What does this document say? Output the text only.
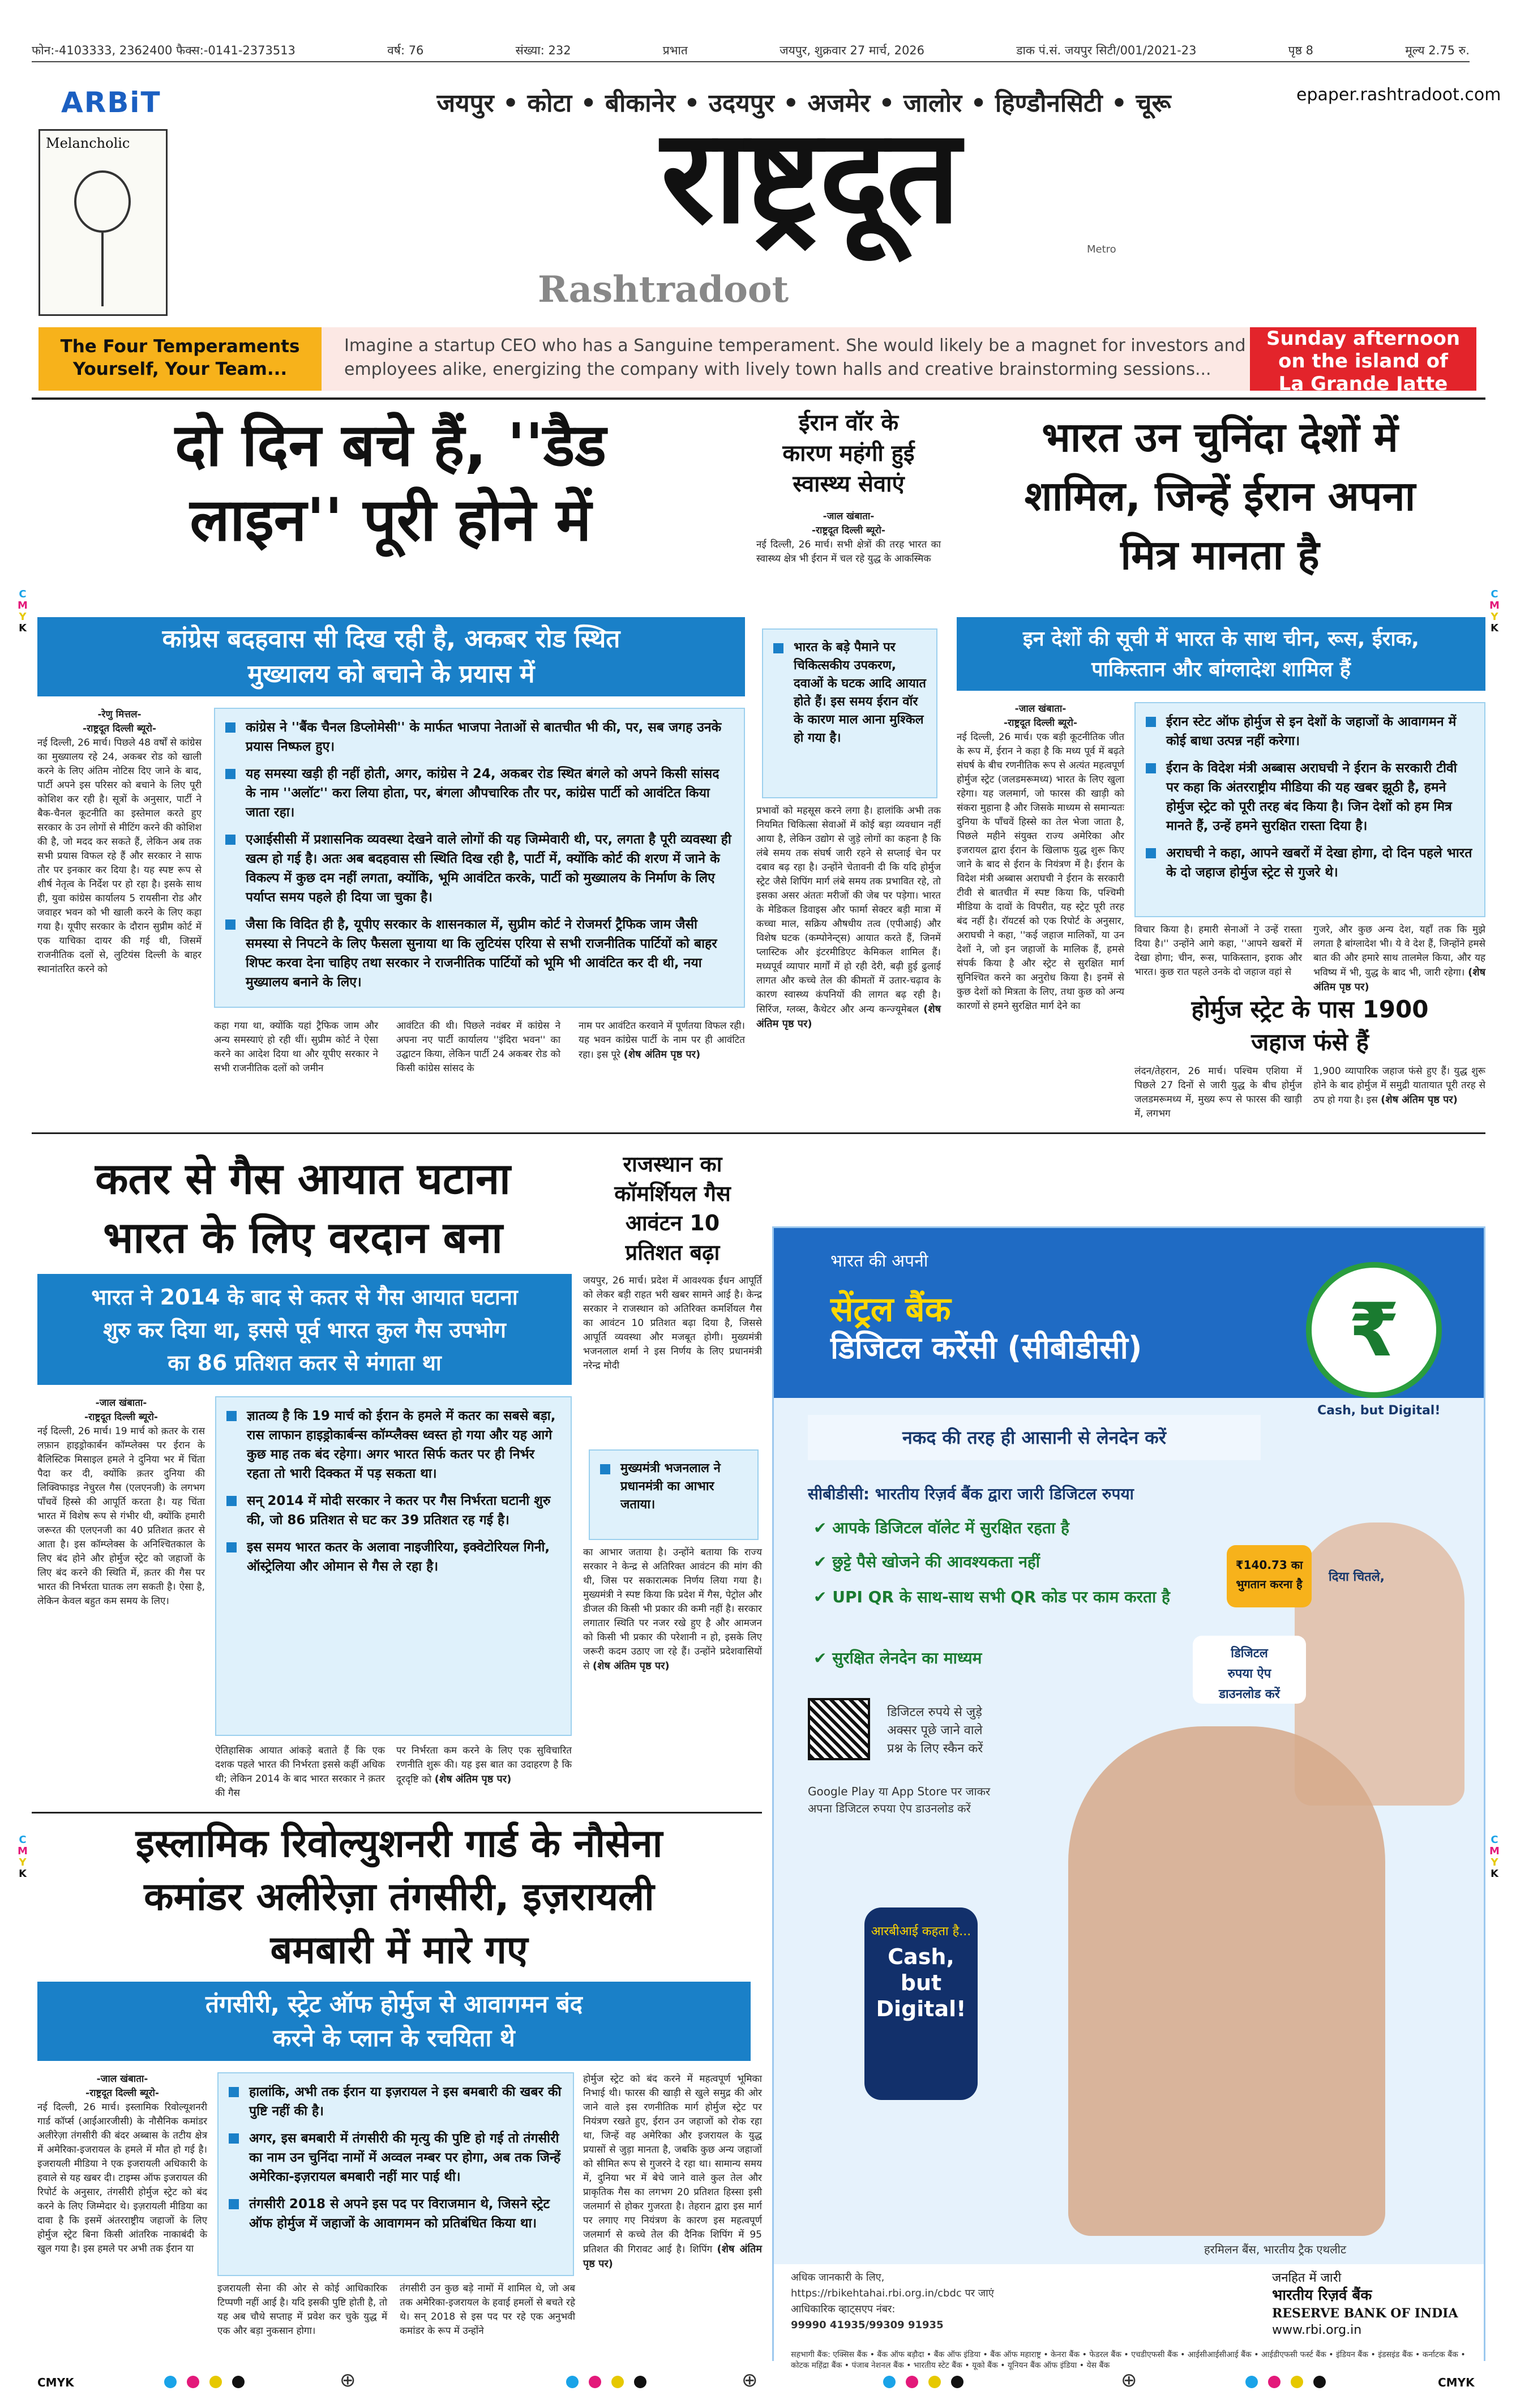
फोन:-4103333, 2362400 फैक्स:-0141-2373513	वर्ष: 76	संख्या: 232	प्रभात	जयपुर, शुक्रवार 27 मार्च, 2026	डाक पं.सं. जयपुर सिटी/001/2021-23	पृष्ठ 8	मूल्य 2.75 रु.
ARBiT
Melancholic
जयपुर • कोटा • बीकानेर • उदयपुर • अजमेर • जालोर • हिण्डौनसिटी • चूरू
राष्ट्रदूत	Metro
Rashtradoot
epaper.rashtradoot.com
The Four Temperaments
Yourself, Your Team...
Imagine a startup CEO who has a Sanguine temperament. She would likely be a magnet for investors and employees alike, energizing the company with lively town halls and creative brainstorming sessions...
Sunday afternoon
on the island of
La Grande Jatte
C
M
Y
K
C
M
Y
K
C
M
Y
K
C
M
Y
K
दो दिन बचे हैं, ''डैड
लाइन'' पूरी होने में
कांग्रेस बदहवास सी दिख रही है, अकबर रोड स्थित
मुख्यालय को बचाने के प्रयास में
-रेणु मित्तल-
-राष्ट्रदूत दिल्ली ब्यूरो-
नई दिल्ली, 26 मार्च। पिछले 48 वर्षों से कांग्रेस का मुख्यालय रहे 24, अकबर रोड को खाली करने के लिए अंतिम नोटिस दिए जाने के बाद, पार्टी अपने इस परिसर को बचाने के लिए पूरी कोशिश कर रही है। सूत्रों के अनुसार, पार्टी ने बैक-चैनल कूटनीति का इस्तेमाल करते हुए सरकार के उन लोगों से मीटिंग करने की कोशिश की है, जो मदद कर सकते हैं, लेकिन अब तक सभी प्रयास विफल रहे हैं और सरकार ने साफ तौर पर इनकार कर दिया है। यह स्पष्ट रूप से शीर्ष नेतृत्व के निर्देश पर हो रहा है। इसके साथ ही, युवा कांग्रेस कार्यालय 5 रायसीना रोड और जवाहर भवन को भी खाली करने के लिए कहा गया है। यूपीए सरकार के दौरान सुप्रीम कोर्ट में एक याचिका दायर की गई थी, जिसमें राजनीतिक दलों से, लुटियंस दिल्ली के बाहर स्थानांतरित करने को
कांग्रेस ने ''बैंक चैनल डिप्लोमेसी'' के मार्फत भाजपा नेताओं से बातचीत भी की, पर, सब जगह उनके प्रयास निष्फल हुए।
यह समस्या खड़ी ही नहीं होती, अगर, कांग्रेस ने 24, अकबर रोड स्थित बंगले को अपने किसी सांसद के नाम ''अलॉट'' करा लिया होता, पर, बंगला औपचारिक तौर पर, कांग्रेस पार्टी को आवंटित किया जाता रहा।
एआईसीसी में प्रशासनिक व्यवस्था देखने वाले लोगों की यह जिम्मेवारी थी, पर, लगता है पूरी व्यवस्था ही खत्म हो गई है। अतः अब बदहवास सी स्थिति दिख रही है, पार्टी में, क्योंकि कोर्ट की शरण में जाने के विकल्प में कुछ दम नहीं लगता, क्योंकि, भूमि आवंटित करके, पार्टी को मुख्यालय के निर्माण के लिए पर्याप्त समय पहले ही दिया जा चुका है।
जैसा कि विदित ही है, यूपीए सरकार के शासनकाल में, सुप्रीम कोर्ट ने रोजमर्रा ट्रैफिक जाम जैसी समस्या से निपटने के लिए फैसला सुनाया था कि लुटियंस एरिया से सभी राजनीतिक पार्टियों को बाहर शिफ्ट करवा देना चाहिए तथा सरकार ने राजनीतिक पार्टियों को भूमि भी आवंटित कर दी थी, नया मुख्यालय बनाने के लिए।
कहा गया था, क्योंकि यहां ट्रैफिक जाम और अन्य समस्याएं हो रही थीं। सुप्रीम कोर्ट ने ऐसा करने का आदेश दिया था और यूपीए सरकार ने सभी राजनीतिक दलों को जमीन
आवंटित की थी। पिछले नवंबर में कांग्रेस ने अपना नए पार्टी कार्यालय ''इंदिरा भवन'' का उद्घाटन किया, लेकिन पार्टी 24 अकबर रोड को किसी कांग्रेस सांसद के
नाम पर आवंटित करवाने में पूर्णतया विफल रही। यह भवन कांग्रेस पार्टी के नाम पर ही आवंटित रहा। इस पूरे (शेष अंतिम पृष्ठ पर)
ईरान वॉर के
कारण महंगी हुई
स्वास्थ्य सेवाएं
-जाल खंबाता-
-राष्ट्रदूत दिल्ली ब्यूरो-
नई दिल्ली, 26 मार्च। सभी क्षेत्रों की तरह भारत का स्वास्थ्य क्षेत्र भी ईरान में चल रहे युद्ध के आकस्मिक
भारत के बड़े पैमाने पर चिकित्सकीय उपकरण, दवाओं के घटक आदि आयात होते हैं। इस समय ईरान वॉर के कारण माल आना मुश्किल हो गया है।
प्रभावों को महसूस करने लगा है। हालांकि अभी तक नियमित चिकित्सा सेवाओं में कोई बड़ा व्यवधान नहीं आया है, लेकिन उद्योग से जुड़े लोगों का कहना है कि लंबे समय तक संघर्ष जारी रहने से सप्लाई चेन पर दबाव बढ़ रहा है। उन्होंने चेतावनी दी कि यदि होर्मुज स्ट्रेट जैसे शिपिंग मार्ग लंबे समय तक प्रभावित रहे, तो इसका असर अंततः मरीजों की जेब पर पड़ेगा। भारत के मेडिकल डिवाइस और फार्मा सेक्टर बड़ी मात्रा में कच्चा माल, सक्रिय औषधीय तत्व (एपीआई) और विशेष घटक (कम्पोनेन्ट्स) आयात करते हैं, जिनमें प्लास्टिक और इंटरमीडिएट केमिकल शामिल हैं। मध्यपूर्व व्यापार मार्गों में हो रही देरी, बढ़ी हुई ढुलाई लागत और कच्चे तेल की कीमतों में उतार-चढ़ाव के कारण स्वास्थ्य कंपनियों की लागत बढ़ रही है। सिरिंज, ग्लव्स, कैथेटर और अन्य कन्ज्यूमेबल (शेष अंतिम पृष्ठ पर)
भारत उन चुनिंदा देशों में
शामिल, जिन्हें ईरान अपना
मित्र मानता है
इन देशों की सूची में भारत के साथ चीन, रूस, ईराक,
पाकिस्तान और बांग्लादेश शामिल हैं
-जाल खंबाता-
-राष्ट्रदूत दिल्ली ब्यूरो-
नई दिल्ली, 26 मार्च। एक बड़ी कूटनीतिक जीत के रूप में, ईरान ने कहा है कि मध्य पूर्व में बढ़ते संघर्ष के बीच रणनीतिक रूप से अत्यंत महत्वपूर्ण होर्मुज स्ट्रेट (जलडमरूमध्य) भारत के लिए खुला रहेगा। यह जलमार्ग, जो फारस की खाड़ी को संकरा मुहाना है और जिसके माध्यम से समान्यतः दुनिया के पाँचवें हिस्से का तेल भेजा जाता है, पिछले महीने संयुक्त राज्य अमेरिका और इजरायल द्वारा ईरान के खिलाफ युद्ध शुरू किए जाने के बाद से ईरान के नियंत्रण में है। ईरान के विदेश मंत्री अब्बास अराघची ने ईरान के सरकारी टीवी से बातचीत में स्पष्ट किया कि, पश्चिमी मीडिया के दावों के विपरीत, यह स्ट्रेट पूरी तरह बंद नहीं है। रॉयटर्स को एक रिपोर्ट के अनुसार, अराघची ने कहा, ''कई जहाज मालिकों, या उन देशों ने, जो इन जहाजों के मालिक हैं, हमसे संपर्क किया है और स्ट्रेट से सुरक्षित मार्ग सुनिश्चित करने का अनुरोध किया है। इनमें से कुछ देशों को मित्रता के लिए, तथा कुछ को अन्य कारणों से हमने सुरक्षित मार्ग देने का
ईरान स्टेट ऑफ होर्मुज से इन देशों के जहाजों के आवागमन में कोई बाधा उत्पन्न नहीं करेगा।
ईरान के विदेश मंत्री अब्बास अराघची ने ईरान के सरकारी टीवी पर कहा कि अंतरराष्ट्रीय मीडिया की यह खबर झूठी है, हमने होर्मुज स्ट्रेट को पूरी तरह बंद किया है। जिन देशों को हम मित्र मानते हैं, उन्हें हमने सुरक्षित रास्ता दिया है।
अराघची ने कहा, आपने खबरों में देखा होगा, दो दिन पहले भारत के दो जहाज होर्मुज स्ट्रेट से गुजरे थे।
विचार किया है। हमारी सेनाओं ने उन्हें रास्ता दिया है।'' उन्होंने आगे कहा, ''आपने खबरों में देखा होगा; चीन, रूस, पाकिस्तान, इराक और भारत। कुछ रात पहले उनके दो जहाज वहां से
गुजरे, और कुछ अन्य देश, यहाँ तक कि मुझे लगता है बांग्लादेश भी। ये वे देश हैं, जिन्होंने हमसे बात की और हमारे साथ तालमेल किया, और यह भविष्य में भी, युद्ध के बाद भी, जारी रहेगा। (शेष अंतिम पृष्ठ पर)
होर्मुज स्ट्रेट के पास 1900
जहाज फंसे हैं
लंदन/तेहरान, 26 मार्च। पश्चिम एशिया में पिछले 27 दिनों से जारी युद्ध के बीच होर्मुज जलडमरूमध्य में, मुख्य रूप से फारस की खाड़ी में, लगभग
1,900 व्यापारिक जहाज फंसे हुए हैं। युद्ध शुरू होने के बाद होर्मुज में समुद्री यातायात पूरी तरह से ठप हो गया है। इस (शेष अंतिम पृष्ठ पर)
कतर से गैस आयात घटाना
भारत के लिए वरदान बना
भारत ने 2014 के बाद से कतर से गैस आयात घटाना
शुरु कर दिया था, इससे पूर्व भारत कुल गैस उपभोग
का 86 प्रतिशत कतर से मंगाता था
-जाल खंबाता-
-राष्ट्रदूत दिल्ली ब्यूरो-
नई दिल्ली, 26 मार्च। 19 मार्च को क़तर के रास लफ़ान हाइड्रोकार्बन कॉम्प्लेक्स पर ईरान के बैलिस्टिक मिसाइल हमले ने दुनिया भर में चिंता पैदा कर दी, क्योंकि क़तर दुनिया की लिक्विफाइड नेचुरल गैस (एलएनजी) के लगभग पाँचवें हिस्से की आपूर्ति करता है। यह चिंता भारत में विशेष रूप से गंभीर थी, क्योंकि हमारी जरूरत की एलएनजी का 40 प्रतिशत क़तर से आता है। इस कॉम्प्लेक्स के अनिश्चितकाल के लिए बंद होने और होर्मुज स्ट्रेट को जहाजों के लिए बंद करने की स्थिति में, क़तर की गैस पर भारत की निर्भरता घातक लग सकती है। ऐसा है, लेकिन केवल बहुत कम समय के लिए।
ज्ञातव्य है कि 19 मार्च को ईरान के हमले में कतर का सबसे बड़ा, रास लाफान हाइड्रोकार्बन्स कॉम्प्लैक्स ध्वस्त हो गया और यह आगे कुछ माह तक बंद रहेगा। अगर भारत सिर्फ कतर पर ही निर्भर रहता तो भारी दिक्कत में पड़ सकता था।
सन् 2014 में मोदी सरकार ने कतर पर गैस निर्भरता घटानी शुरु की, जो 86 प्रतिशत से घट कर 39 प्रतिशत रह गई है।
इस समय भारत कतर के अलावा नाइजीरिया, इक्वेटोरियल गिनी, ऑस्ट्रेलिया और ओमान से गैस ले रहा है।
ऐतिहासिक आयात आंकड़े बताते हैं कि एक दशक पहले भारत की निर्भरता इससे कहीं अधिक थी; लेकिन 2014 के बाद भारत सरकार ने क़तर की गैस
पर निर्भरता कम करने के लिए एक सुविचारित रणनीति शुरू की। यह इस बात का उदाहरण है कि दूरदृष्टि को (शेष अंतिम पृष्ठ पर)
राजस्थान का
कॉमर्शियल गैस
आवंटन 10
प्रतिशत बढ़ा
जयपुर, 26 मार्च। प्रदेश में आवश्यक ईंधन आपूर्ति को लेकर बड़ी राहत भरी खबर सामने आई है। केन्द्र सरकार ने राजस्थान को अतिरिक्त कमर्शियल गैस का आवंटन 10 प्रतिशत बढ़ा दिया है, जिससे आपूर्ति व्यवस्था और मजबूत होगी। मुख्यमंत्री भजनलाल शर्मा ने इस निर्णय के लिए प्रधानमंत्री नरेन्द्र मोदी
मुख्यमंत्री भजनलाल ने प्रधानमंत्री का आभार जताया।
का आभार जताया है। उन्होंने बताया कि राज्य सरकार ने केन्द्र से अतिरिक्त आवंटन की मांग की थी, जिस पर सकारात्मक निर्णय लिया गया है। मुख्यमंत्री ने स्पष्ट किया कि प्रदेश में गैस, पेट्रोल और डीजल की किसी भी प्रकार की कमी नहीं है। सरकार लगातार स्थिति पर नजर रखे हुए है और आमजन को किसी भी प्रकार की परेशानी न हो, इसके लिए जरूरी कदम उठाए जा रहे हैं। उन्होंने प्रदेशवासियों से (शेष अंतिम पृष्ठ पर)
इस्लामिक रिवोल्युशनरी गार्ड के नौसेना
कमांडर अलीरेज़ा तंगसीरी, इज़रायली
बमबारी में मारे गए
तंगसीरी, स्ट्रेट ऑफ होर्मुज से आवागमन बंद
करने के प्लान के रचयिता थे
-जाल खंबाता-
-राष्ट्रदूत दिल्ली ब्यूरो-
नई दिल्ली, 26 मार्च। इस्लामिक रिवोल्यूशनरी गार्ड कॉर्प्स (आईआरजीसी) के नौसैनिक कमांडर अलीरेज़ा तंगसीरी की बंदर अब्बास के तटीय क्षेत्र में अमेरिका-इजरायल के हमले में मौत हो गई है। इजरायली मीडिया ने एक इजरायली अधिकारी के हवाले से यह खबर दी। टाइम्स ऑफ इजरायल की रिपोर्ट के अनुसार, तंगसीरी होर्मुज स्ट्रेट को बंद करने के लिए जिम्मेदार थे। इज़रायली मीडिया का दावा है कि इसमें अंतरराष्ट्रीय जहाजों के लिए होर्मुज स्ट्रेट बिना किसी आंतरिक नाकाबंदी के खुल गया है। इस हमले पर अभी तक ईरान या
हालांकि, अभी तक ईरान या इज़रायल ने इस बमबारी की खबर की पुष्टि नहीं की है।
अगर, इस बमबारी में तंगसीरी की मृत्यु की पुष्टि हो गई तो तंगसीरी का नाम उन चुनिंदा नामों में अव्वल नम्बर पर होगा, अब तक जिन्हें अमेरिका-इज़रायल बमबारी नहीं मार पाई थी।
तंगसीरी 2018 से अपने इस पद पर विराजमान थे, जिसने स्ट्रेट ऑफ होर्मुज में जहाजों के आवागमन को प्रतिबंधित किया था।
इजरायली सेना की ओर से कोई आधिकारिक टिप्पणी नहीं आई है। यदि इसकी पुष्टि होती है, तो यह अब चौथे सप्ताह में प्रवेश कर चुके युद्ध में एक और बड़ा नुकसान होगा।
तंगसीरी उन कुछ बड़े नामों में शामिल थे, जो अब तक अमेरिका-इजरायल के हवाई हमलों से बचते रहे थे। सन् 2018 से इस पद पर रहे एक अनुभवी कमांडर के रूप में उन्होंने
होर्मुज स्ट्रेट को बंद करने में महत्वपूर्ण भूमिका निभाई थी। फारस की खाड़ी से खुले समुद्र की ओर जाने वाले इस रणनीतिक मार्ग होर्मुज स्ट्रेट पर नियंत्रण रखते हुए, ईरान उन जहाजों को रोक रहा था, जिन्हें वह अमेरिका और इजरायल के युद्ध प्रयासों से जुड़ा मानता है, जबकि कुछ अन्य जहाजों को सीमित रूप से गुजरने दे रहा था। सामान्य समय में, दुनिया भर में बेचे जाने वाले कुल तेल और प्राकृतिक गैस का लगभग 20 प्रतिशत हिस्सा इसी जलमार्ग से होकर गुजरता है। तेहरान द्वारा इस मार्ग पर लगाए गए नियंत्रण के कारण इस महत्वपूर्ण जलमार्ग से कच्चे तेल की दैनिक शिपिंग में 95 प्रतिशत की गिरावट आई है। शिपिंग (शेष अंतिम पृष्ठ पर)
भारत की अपनी
सेंट्रल बैंक
डिजिटल करेंसी (सीबीडीसी)	₹
Cash, but Digital!
नकद की तरह ही आसानी से लेनदेन करें
सीबीडीसी: भारतीय रिज़र्व बैंक द्वारा जारी डिजिटल रुपया
✔ आपके डिजिटल वॉलेट में सुरक्षित रहता है
✔ छुट्टे पैसे खोजने की आवश्यकता नहीं
✔ UPI QR के साथ-साथ सभी QR कोड पर काम करता है
✔ सुरक्षित लेनदेन का माध्यम
डिजिटल रुपये से जुड़े
अक्सर पूछे जाने वाले
प्रश्न के लिए स्कैन करें
Google Play या App Store पर जाकर
अपना डिजिटल रुपया ऐप डाउनलोड करें
₹140.73 का
भुगतान करना है	दिया चितले,
डिजिटल
रुपया ऐप
डाउनलोड करें
आरबीआई कहता है...
Cash,
but
Digital!
हरमिलन बैंस, भारतीय ट्रैक एथलीट
अधिक जानकारी के लिए,
https://rbikehtahai.rbi.org.in/cbdc पर जाएं
आधिकारिक व्हाट्सएप नंबर:
99990 41935/99309 91935
जनहित में जारी
भारतीय रिज़र्व बैंक
RESERVE BANK OF INDIA
www.rbi.org.in
सहभागी बैंक: एक्सिस बैंक • बैंक ऑफ बड़ौदा • बैंक ऑफ इंडिया • बैंक ऑफ महाराष्ट्र • केनरा बैंक • फेडरल बैंक • एचडीएफसी बैंक • आईसीआईसीआई बैंक • आईडीएफसी फर्स्ट बैंक • इंडियन बैंक • इंडसइंड बैंक • कर्नाटक बैंक • कोटक महिंद्रा बैंक • पंजाब नेशनल बैंक • भारतीय स्टेट बैंक • यूको बैंक • यूनियन बैंक ऑफ इंडिया • येस बैंक
⊕	⊕	⊕
CMYK	CMYK
